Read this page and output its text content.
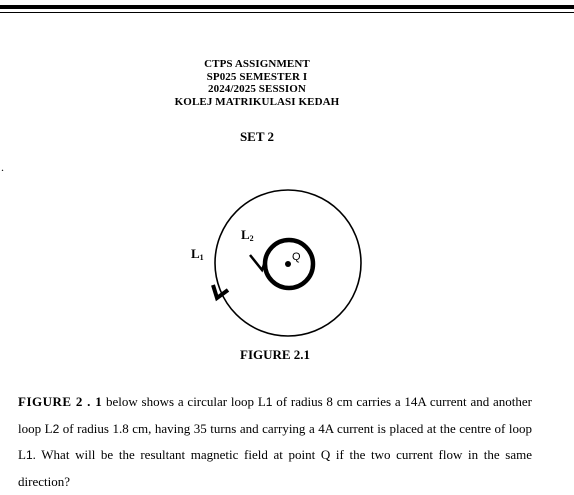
CTPS ASSIGNMENT
SP025 SEMESTER I
2024/2025 SESSION
KOLEJ MATRIKULASI KEDAH
SET 2
.
Q
L1
L2
FIGURE 2.1
FIGURE 2 . 1 below shows a circular loop L1 of radius 8 cm carries a 14A current and another loop L2 of radius 1.8 cm, having 35 turns and carrying a 4A current is placed at the centre of loop L1. What will be the resultant magnetic field at point Q if the two current flow in the same direction?
